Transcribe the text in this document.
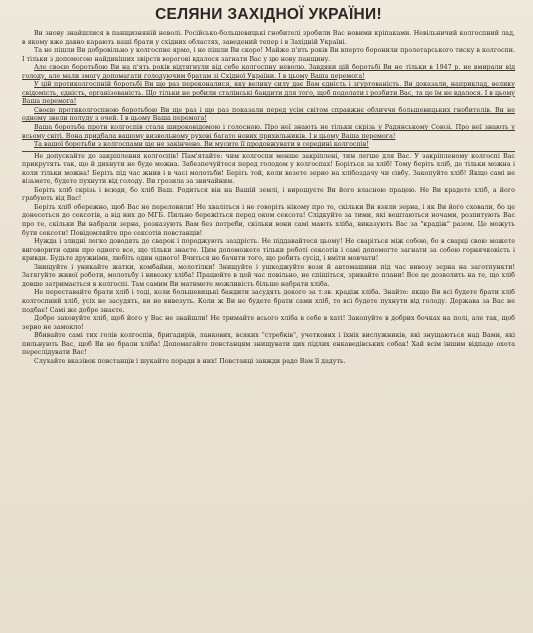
СЕЛЯНИ ЗАХІДНОЇ УКРАЇНИ!

Ви знову знайшлися в панщизняній неволі. Російсько-большевицькі гнобителі зробили Вас новими кріпаками. Невільничий колгоспний лад, в якому вже давно карають ваші брати у східних областях, заведений тепер і в Західній Україні.

Та не пішли Ви добровільно у колгоспне ярмо, і не пішли Ви скоро! Майже п'ять років Ви вперто боронили пролетарського тиску в колгоспи. І тільки з допомогою найдикіших звірств ворогові вдалося загнати Вас у цю нову панщину.

Але своєю боротьбою Ви на п'ять років відтягнули від себе колгоспну неволю. Завдяки цій боротьбі Ви не тільки в 1947 р. не вмирали від голоду, але мали змогу допомагати голодуючим братам зі Східної України. І в цьому Ваша перемога!

У цій протиколгоспній боротьбі Ви ще раз переконалися, яку велику силу дає Вам єдність і згуртованість. Ви доказали, наприклад, велику свідомість, єдність, організованість. Що тільки не робили сталінські бандити для того, щоб подолати і розбити Вас, та це їм не вдалося. І в цьому Ваша перемога!

Своєю протиколгоспною боротьбою Ви ще раз і ще раз показали перед усім світом справжнє обличчя большевицьких гнобителів. Ви не одному звели полуду з очей. І в цьому Ваша перемога!

Ваша боротьба проти колгоспів стала широковідомою і голосною. Про неї знають не тільки скрізь у Радянському Союзі. Про неї знають у всьому світі. Вона придбала вашому визвольному рухові багато нових прихильників. І в цьому Ваша перемога!

Та вашої боротьби з колгоспами ще не закінчено. Ви мусите її продовжувати в середині колгоспів!

Не допускайте до закріплення колгоспів! Пам'ятайте: чим колгоспи менше закріплені, тим легше для Вас. У закріпленому колгоспі Вас прикрутять так, що й дихнути не буде можна. Забезпечуйтеся перед голодом у колгоспах! Боріться за хліб! Тому беріть хліб, де тільки можна і коли тільки можна! Беріть під час жнив і в часі молотьби! Беріть той, коли везете зерно на хлібоздачу чи сівбу. Закопуйте хліб! Якщо самі не візьмете, будете пухнути від голоду. Ви грозила за звичайним.

Беріть хліб скрізь і всюди, бо хліб Ваш. Родиться він на Вашій землі, і вирощуєте Ви його власною працею. Не Ви крадете хліб, а його грабують від Вас!

Беріть хліб обережно, щоб Вас не переловили! Не хваліться і не говоріть нікому про те, скільки Ви взяли зерна, і як Ви його сховали, бо це донесеться до сексотів, а від них до МГБ. Пильно бережіться перед оком сексота! Слідкуйте за тими, які вештаються ночами, розпитують Вас про те, скільки Ви набрали зерна, розказують Вам без потреби, скільки вони самі мають хліба, виказують Вас за "крадіж" разом. Це можуть бути сексоти! Повідомляйте про сексотів повстанців!

Нужда і злидні легко доводять до сварок і породжують заздрість. Не піддавайтеся цьому! Не сваріться між собою, бо в сварці свою можете виговорити один про одного все, що тільки знаєте. Цим допоможете тільки роботі сексотів і самі допомогте загнати за собою горнячковість і кривди. Будьте дружніми, любіть один одного! Вчиться не бачити того, що робить сусід, і вміти мовчати!

Знищуйте і уникайте жатки, комбайни, молотілки! Знищуйте і ушкоджуйте вози й автомашини під час вивозу зерна на заготпункти! Затягуйте живої роботи, молотьбу і вивозку хліба! Працюйте в цей час повільно, не спішіться, зривайте плани! Все це дозволить на те, що хліб довше затримається в колгоспі. Там самим Ви матимете можливість більше набрати хліба.

Не переставайте брати хліб і тоді, коли большевицькі бандити засудять декого за т.зв. крадіж хліба. Знайте: якщо Ви всі будете брати хліб колгоспний хліб, усіх не засудять, ви не вивезуть. Коли ж Ви не будете брати сами хліб, то всі будете пухнути від голоду. Держава за Вас не подбає! Самі же добре знаєте.

Добре заховуйте хліб, щоб його у Вас не знайшли! Не тримайте всього хліба в себе в хаті! Закопуйте в добрих бочках на полі, але так, щоб зерно не замокло!

Вбивайте самі тих голів колгоспів, бригадирів, ланкових, всяких "стребків", учеткових і їхніх вислужників, які знущаються над Вами, які пильнують Вас, щоб Ви не брали хліба! Допомагайте повстанцям знищувати цих підлих енкаведівських собак! Хай всім іншим відпаде охота переслідувати Вас!

Слухайте вказівок повстанців і шукайте поради в них! Повстанці завжди радо Вам її дадуть.
